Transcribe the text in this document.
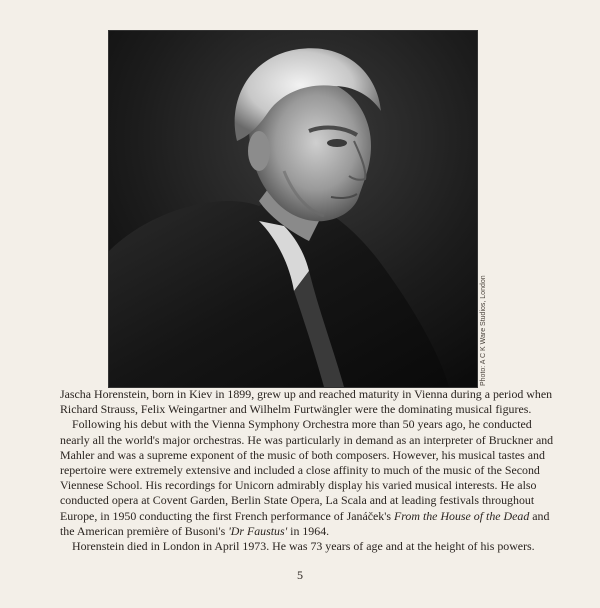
Photo: A C K Ware Studios, London

Jascha Horenstein, born in Kiev in 1899, grew up and reached maturity in Vienna during a period when Richard Strauss, Felix Weingartner and Wilhelm Furtwängler were the dominating musical figures.

Following his debut with the Vienna Symphony Orchestra more than 50 years ago, he conducted nearly all the world's major orchestras. He was particularly in demand as an interpreter of Bruckner and Mahler and was a supreme exponent of the music of both composers. However, his musical tastes and repertoire were extremely extensive and included a close affinity to much of the music of the Second Viennese School. His recordings for Unicorn admirably display his varied musical interests. He also conducted opera at Covent Garden, Berlin State Opera, La Scala and at leading festivals throughout Europe, in 1950 conducting the first French performance of Janáček's From the House of the Dead and the American première of Busoni's 'Dr Faustus' in 1964.

Horenstein died in London in April 1973. He was 73 years of age and at the height of his powers.

5
